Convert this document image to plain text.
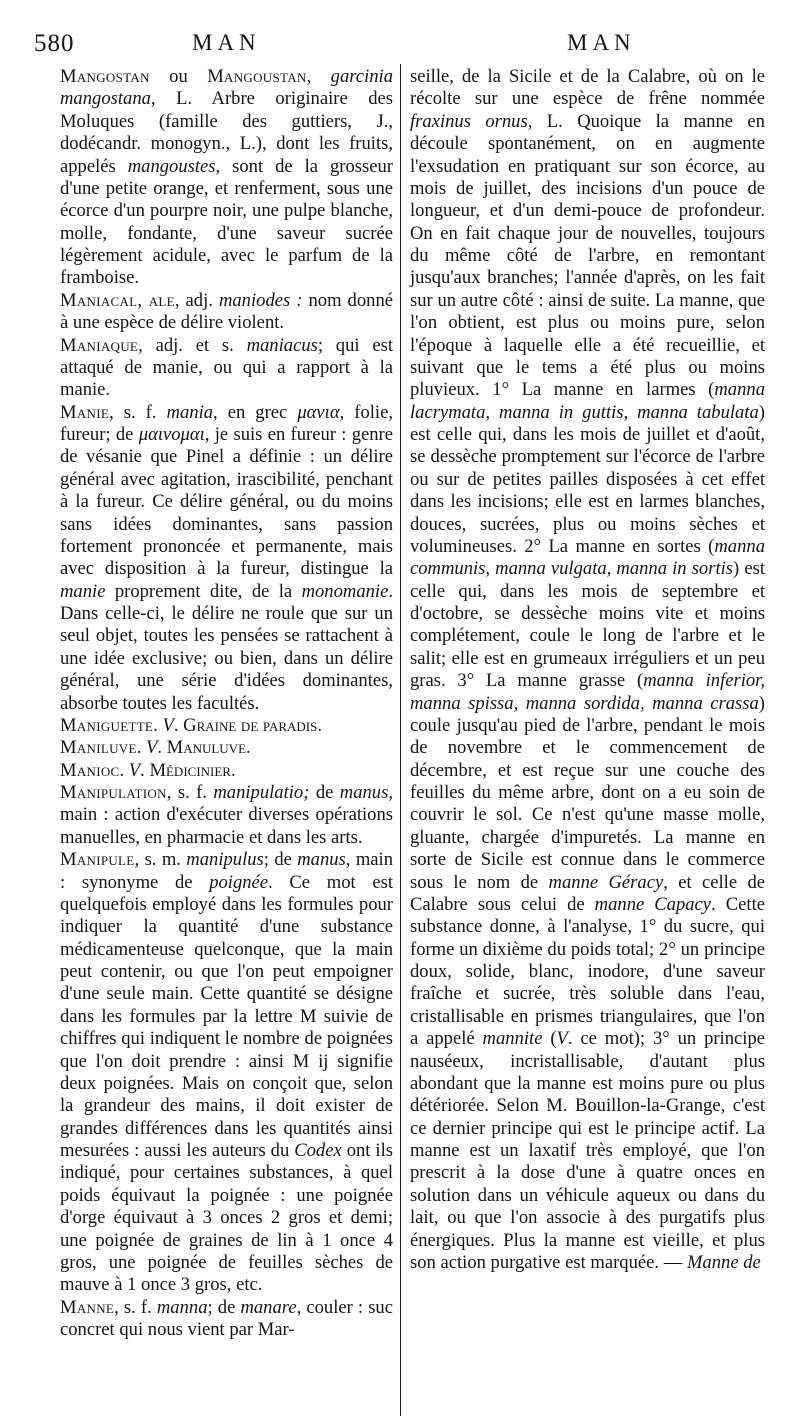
580	MAN	MAN

Mangostan ou Mangoustan, garcinia mangostana, L. Arbre originaire des Moluques (famille des guttiers, J., dodécandr. monogyn., L.), dont les fruits, appelés mangoustes, sont de la grosseur d'une petite orange, et renferment, sous une écorce d'un pourpre noir, une pulpe blanche, molle, fondante, d'une saveur sucrée légèrement acidule, avec le parfum de la framboise.

Maniacal, ale, adj. maniodes : nom donné à une espèce de délire violent.

Maniaque, adj. et s. maniacus; qui est attaqué de manie, ou qui a rapport à la manie.

Manie, s. f. mania, en grec μανια, folie, fureur; de μαινομαι, je suis en fureur : genre de vésanie que Pinel a définie : un délire général avec agitation, irascibilité, penchant à la fureur. Ce délire général, ou du moins sans idées dominantes, sans passion fortement prononcée et permanente, mais avec disposition à la fureur, distingue la manie proprement dite, de la monomanie. Dans celle-ci, le délire ne roule que sur un seul objet, toutes les pensées se rattachent à une idée exclusive; ou bien, dans un délire général, une série d'idées dominantes, absorbe toutes les facultés.

Maniguette. V. Graine de paradis.

Maniluve. V. Manuluve.

Manioc. V. Médicinier.

Manipulation, s. f. manipulatio; de manus, main : action d'exécuter diverses opérations manuelles, en pharmacie et dans les arts.

Manipule, s. m. manipulus; de manus, main : synonyme de poignée. Ce mot est quelquefois employé dans les formules pour indiquer la quantité d'une substance médicamenteuse quelconque, que la main peut contenir, ou que l'on peut empoigner d'une seule main. Cette quantité se désigne dans les formules par la lettre M suivie de chiffres qui indiquent le nombre de poignées que l'on doit prendre : ainsi M ij signifie deux poignées. Mais on conçoit que, selon la grandeur des mains, il doit exister de grandes différences dans les quantités ainsi mesurées : aussi les auteurs du Codex ont ils indiqué, pour certaines substances, à quel poids équivaut la poignée : une poignée d'orge équivaut à 3 onces 2 gros et demi; une poignée de graines de lin à 1 once 4 gros, une poignée de feuilles sèches de mauve à 1 once 3 gros, etc.

Manne, s. f. manna; de manare, couler : suc concret qui nous vient par Mar-

seille, de la Sicile et de la Calabre, où on le récolte sur une espèce de frêne nommée fraxinus ornus, L. Quoique la manne en découle spontanément, on en augmente l'exsudation en pratiquant sur son écorce, au mois de juillet, des incisions d'un pouce de longueur, et d'un demi-pouce de profondeur. On en fait chaque jour de nouvelles, toujours du même côté de l'arbre, en remontant jusqu'aux branches; l'année d'après, on les fait sur un autre côté : ainsi de suite. La manne, que l'on obtient, est plus ou moins pure, selon l'époque à laquelle elle a été recueillie, et suivant que le tems a été plus ou moins pluvieux. 1° La manne en larmes (manna lacrymata, manna in guttis, manna tabulata) est celle qui, dans les mois de juillet et d'août, se dessèche promptement sur l'écorce de l'arbre ou sur de petites pailles disposées à cet effet dans les incisions; elle est en larmes blanches, douces, sucrées, plus ou moins sèches et volumineuses. 2° La manne en sortes (manna communis, manna vulgata, manna in sortis) est celle qui, dans les mois de septembre et d'octobre, se dessèche moins vite et moins complétement, coule le long de l'arbre et le salit; elle est en grumeaux irréguliers et un peu gras. 3° La manne grasse (manna inferior, manna spissa, manna sordida, manna crassa) coule jusqu'au pied de l'arbre, pendant le mois de novembre et le commencement de décembre, et est reçue sur une couche des feuilles du même arbre, dont on a eu soin de couvrir le sol. Ce n'est qu'une masse molle, gluante, chargée d'impuretés. La manne en sorte de Sicile est connue dans le commerce sous le nom de manne Géracy, et celle de Calabre sous celui de manne Capacy. Cette substance donne, à l'analyse, 1° du sucre, qui forme un dixième du poids total; 2° un principe doux, solide, blanc, inodore, d'une saveur fraîche et sucrée, très soluble dans l'eau, cristallisable en prismes triangulaires, que l'on a appelé mannite (V. ce mot); 3° un principe nauséeux, incristallisable, d'autant plus abondant que la manne est moins pure ou plus détériorée. Selon M. Bouillon-la-Grange, c'est ce dernier principe qui est le principe actif. La manne est un laxatif très employé, que l'on prescrit à la dose d'une à quatre onces en solution dans un véhicule aqueux ou dans du lait, ou que l'on associe à des purgatifs plus énergiques. Plus la manne est vieille, et plus son action purgative est marquée. — Manne de
